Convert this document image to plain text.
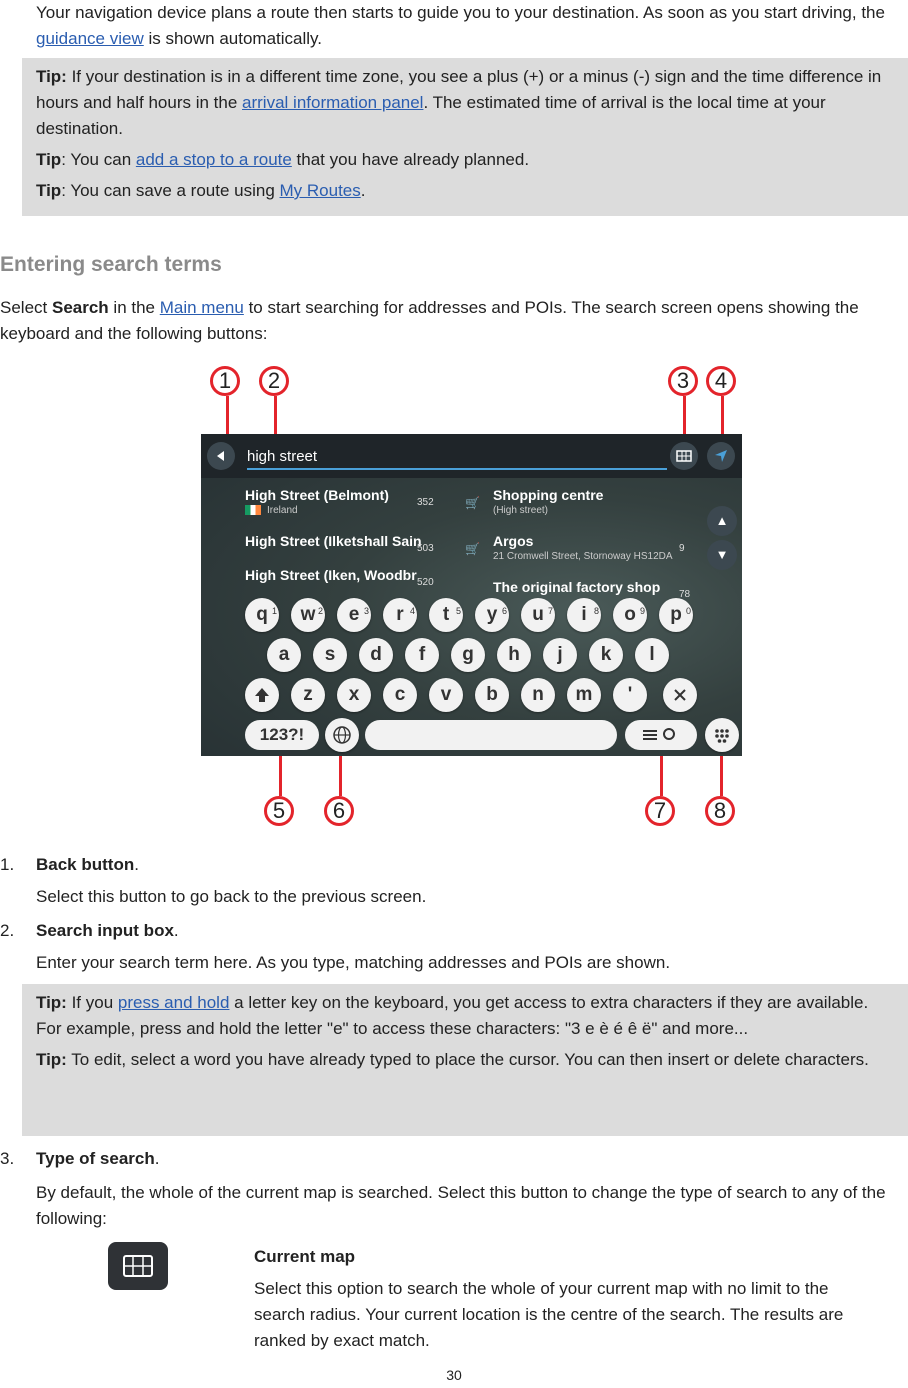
Your navigation device plans a route then starts to guide you to your destination. As soon as you start driving, the guidance view is shown automatically.

Tip: If your destination is in a different time zone, you see a plus (+) or a minus (-) sign and the time difference in hours and half hours in the arrival information panel. The estimated time of arrival is the local time at your destination.

Tip: You can add a stop to a route that you have already planned.

Tip: You can save a route using My Routes.

Entering search terms
Select Search in the Main menu to start searching for addresses and POIs. The search screen opens showing the keyboard and the following buttons:
1	2	3	4
high street
High Street (Belmont)
Ireland
352
High Street (Ilketshall Sain
503
High Street (Iken, Woodbr 520
Shopping centre
(High street)
Argos
21 Cromwell Street, Stornoway HS12DA
9
The original factory shop 78
🛒
🛒
▲
▼
q $^1$ w $^2$ e $^3$ r $^4$ t $^5$ y $^6$ u $^7$ i $^8$ o $^9$ p $^0$
a s d f g h j k l
z x c v b n m '
123?!
5	6	7	8
1. Back button.
Select this button to go back to the previous screen.
2. Search input box.
Enter your search term here. As you type, matching addresses and POIs are shown.

Tip: If you press and hold a letter key on the keyboard, you get access to extra characters if they are available. For example, press and hold the letter "e" to access these characters: "3 e è é ê ë" and more...

Tip: To edit, select a word you have already typed to place the cursor. You can then insert or delete characters.

3. Type of search.
By default, the whole of the current map is searched. Select this button to change the type of search to any of the following:
Current map
Select this option to search the whole of your current map with no limit to the search radius. Your current location is the centre of the search. The results are ranked by exact match.
30
